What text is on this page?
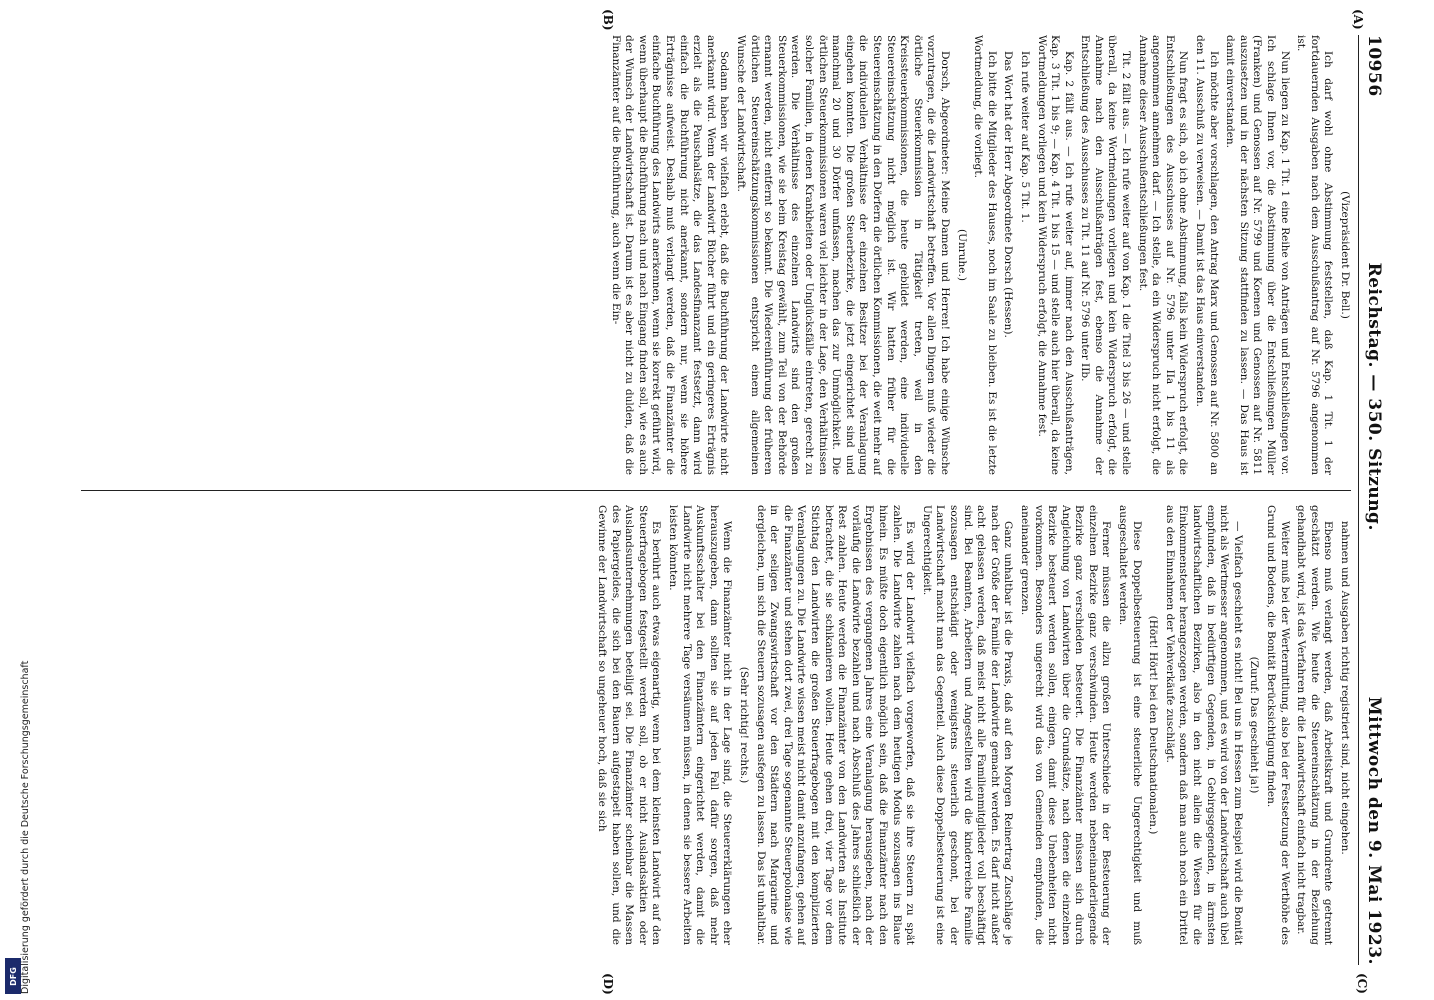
DFG Digitalisierung gefördert durch die Deutsche Forschungsgemeinschaft
10956
Reichstag. — 350. Sitzung.
Mittwoch den 9. Mai 1923.
(A)
(B)
(C)
(D)

(Vizepräsident Dr. Bell.)

Ich darf wohl ohne Abstimmung feststellen, daß Kap. 1 Tit. 1 der fortdauernden Ausgaben nach dem Ausschußantrag auf Nr. 5796 angenommen ist.

Nun liegen zu Kap. 1 Tit. 1 eine Reihe von Anträgen und Entschließungen vor. Ich schlage Ihnen vor, die Abstimmung über die Entschließungen Müller (Franken) und Genossen auf Nr. 5799 und Koenen und Genossen auf Nr. 5811 auszusetzen und in der nächsten Sitzung stattfinden zu lassen. — Das Haus ist damit einverstanden.

Ich möchte aber vorschlagen, den Antrag Marx und Genossen auf Nr. 5800 an den 11. Ausschuß zu verweisen. — Damit ist das Haus einverstanden.

Nun fragt es sich, ob ich ohne Abstimmung, falls kein Widerspruch erfolgt, die Entschließungen des Ausschusses auf Nr. 5796 unter IIa 1 bis 11 als angenommen annehmen darf. — Ich stelle, da ein Widerspruch nicht erfolgt, die Annahme dieser Ausschußentschließungen fest.

Tit. 2 fällt aus. — Ich rufe weiter auf von Kap. 1 die Titel 3 bis 26 — und stelle überall, da keine Wortmeldungen vorliegen und kein Widerspruch erfolgt, die Annahme nach den Ausschußanträgen fest, ebenso die Annahme der Entschließung des Ausschusses zu Tit. 11 auf Nr. 5796 unter IIb.

Kap. 2 fällt aus. — Ich rufe weiter auf, immer nach den Ausschußanträgen, Kap. 3 Tit. 1 bis 9; — Kap. 4 Tit. 1 bis 15 — und stelle auch hier überall, da keine Wortmeldungen vorliegen und kein Widerspruch erfolgt, die Annahme fest.

Ich rufe weiter auf Kap. 5 Tit. 1.

Das Wort hat der Herr Abgeordnete Dorsch (Hessen).

Ich bitte die Mitglieder des Hauses, noch im Saale zu bleiben. Es ist die letzte Wortmeldung, die vorliegt.

(Unruhe.)

Dorsch, Abgeordneter: Meine Damen und Herren! Ich habe einige Wünsche vorzutragen, die die Landwirtschaft betreffen. Vor allen Dingen muß wieder die örtliche Steuerkommission in Tätigkeit treten, weil in den Kreissteuerkommissionen, die heute gebildet werden, eine individuelle Steuereinschätzung nicht möglich ist. Wir hatten früher für die Steuereinschätzung in den Dörfern die örtlichen Kommissionen, die weit mehr auf die individuellen Verhältnisse der einzelnen Besitzer bei der Veranlagung eingehen konnten. Die großen Steuerbezirke, die jetzt eingerichtet sind und manchmal 20 und 30 Dörfer umfassen, machen das zur Unmöglichkeit. Die örtlichen Steuerkommissionen waren viel leichter in der Lage, den Verhältnissen solcher Familien, in denen Krankheiten oder Unglücksfälle eintreten, gerecht zu werden. Die Verhältnisse des einzelnen Landwirts sind den großen Steuerkommissionen, wie sie beim Kreistag gewählt, zum Teil von der Behörde ernannt werden, nicht entfernt so bekannt. Die Wiedereinführung der früheren örtlichen Steuereinschätzungskommissionen entspricht einem allgemeinen Wunsche der Landwirtschaft.

Sodann haben wir vielfach erlebt, daß die Buchführung der Landwirte nicht anerkannt wird. Wenn der Landwirt Bücher führt und ein geringeres Erträgnis erzielt als die Pauschalsätze, die das Landesfinanzamt festsetzt, dann wird einfach die Buchführung nicht anerkannt, sondern nur, wenn sie höhere Erträgnisse aufweist. Deshalb muß verlangt werden, daß die Finanzämter die einfache Buchführung des Landwirts anerkennen, wenn sie korrekt geführt wird, wenn überhaupt die Buchführung nach und nach Eingang finden soll, wie es auch der Wunsch der Landwirtschaft ist. Darum ist es aber nicht zu dulden, daß die Finanzämter auf die Buchführung, auch wenn die Ein-

nahmen und Ausgaben richtig registriert sind, nicht eingehen.

Ebenso muß verlangt werden, daß Arbeitskraft und Grundrente getrennt geschätzt werden. Wie heute die Steuereinschätzung in der Beziehung gehandhabt wird, ist das Verfahren für die Landwirtschaft einfach nicht tragbar.

Weiter muß bei der Wertermittlung, also bei der Festsetzung der Werthöhe des Grund und Bodens, die Bonität Berücksichtigung finden.

(Zuruf: Das geschieht ja!)

— Vielfach geschieht es nicht! Bei uns in Hessen zum Beispiel wird die Bonität nicht als Wertmesser angenommen, und es wird von der Landwirtschaft auch übel empfunden, daß in bedürftigen Gegenden, in Gebirgsgegenden, in ärmsten landwirtschaftlichen Bezirken, also in den nicht allein die Wiesen für die Einkommensteuer herangezogen werden, sondern daß man auch noch ein Drittel aus den Einnahmen der Viehverkäufe zuschlägt.

(Hört! Hört! bei den Deutschnationalen.)

Diese Doppelbesteuerung ist eine steuerliche Ungerechtigkeit und muß ausgeschaltet werden.

Ferner müssen die allzu großen Unterschiede in der Besteuerung der einzelnen Bezirke ganz verschwinden. Heute werden nebeneinanderliegende Bezirke ganz verschieden besteuert. Die Finanzämter müssen sich durch Angleichung von Landwirten über die Grundsätze, nach denen die einzelnen Bezirke besteuert werden sollen, einigen, damit diese Unebenheiten nicht vorkommen. Besonders ungerecht wird das von Gemeinden empfunden, die aneinander grenzen.

Ganz unhaltbar ist die Praxis, daß auf den Morgen Reinertrag Zuschläge je nach der Größe der Familie der Landwirte gemacht werden. Es darf nicht außer acht gelassen werden, daß meist nicht alle Familienmitglieder voll beschäftigt sind. Bei Beamten, Arbeitern und Angestellten wird die kinderreiche Familie sozusagen entschädigt oder wenigstens steuerlich geschont, bei der Landwirtschaft macht man das Gegenteil. Auch diese Doppelbesteuerung ist eine Ungerechtigkeit.

Es wird der Landwirt vielfach vorgeworfen, daß sie ihre Steuern zu spät zahlen. Die Landwirte zahlen nach dem heutigen Modus sozusagen ins Blaue hinein. Es müßte doch eigentlich möglich sein, daß die Finanzämter nach den Ergebnissen des vergangenen Jahres eine Veranlagung herausgeben, nach der vorläufig die Landwirte bezahlen und nach Abschluß des Jahres schließlich der Rest zahlen. Heute werden die Finanzämter von den Landwirten als Institute betrachtet, die sie schikanieren wollen. Heute gehen drei, vier Tage vor dem Stichtag den Landwirten die großen Steuerfragebogen mit den komplizierten Veranlagungen zu. Die Landwirte wissen meist nicht damit anzufangen, gehen auf die Finanzämter und stehen dort zwei, drei Tage sogenannte Steuerpolonaise wie in der seligen Zwangswirtschaft vor den Städtern nach Margarine und dergleichen, um sich die Steuern sozusagen ausfegen zu lassen. Das ist unhaltbar.

(Sehr richtig! rechts.)

Wenn die Finanzämter nicht in der Lage sind, die Steuererklärungen eher herauszugeben, dann sollten sie auf jeden Fall dafür sorgen, daß mehr Auskunftsschalter bei den Finanzämtern eingerichtet werden, damit die Landwirte nicht mehrere Tage versäumen müssen, in denen sie bessere Arbeiten leisten könnten.

Es berührt auch etwas eigenartig, wenn bei dem kleinsten Landwirt auf den Steuerfragebogen festgestellt werden soll, ob er nicht Auslandsaktien oder Auslandsunternehmungen beteiligt sei. Die Finanzämter scheinbar die Massen des Papiergeldes, die sich bei den Bauern aufgestapelt haben sollen, und die Gewinne der Landwirtschaft so ungeheuer hoch, daß sie sich
